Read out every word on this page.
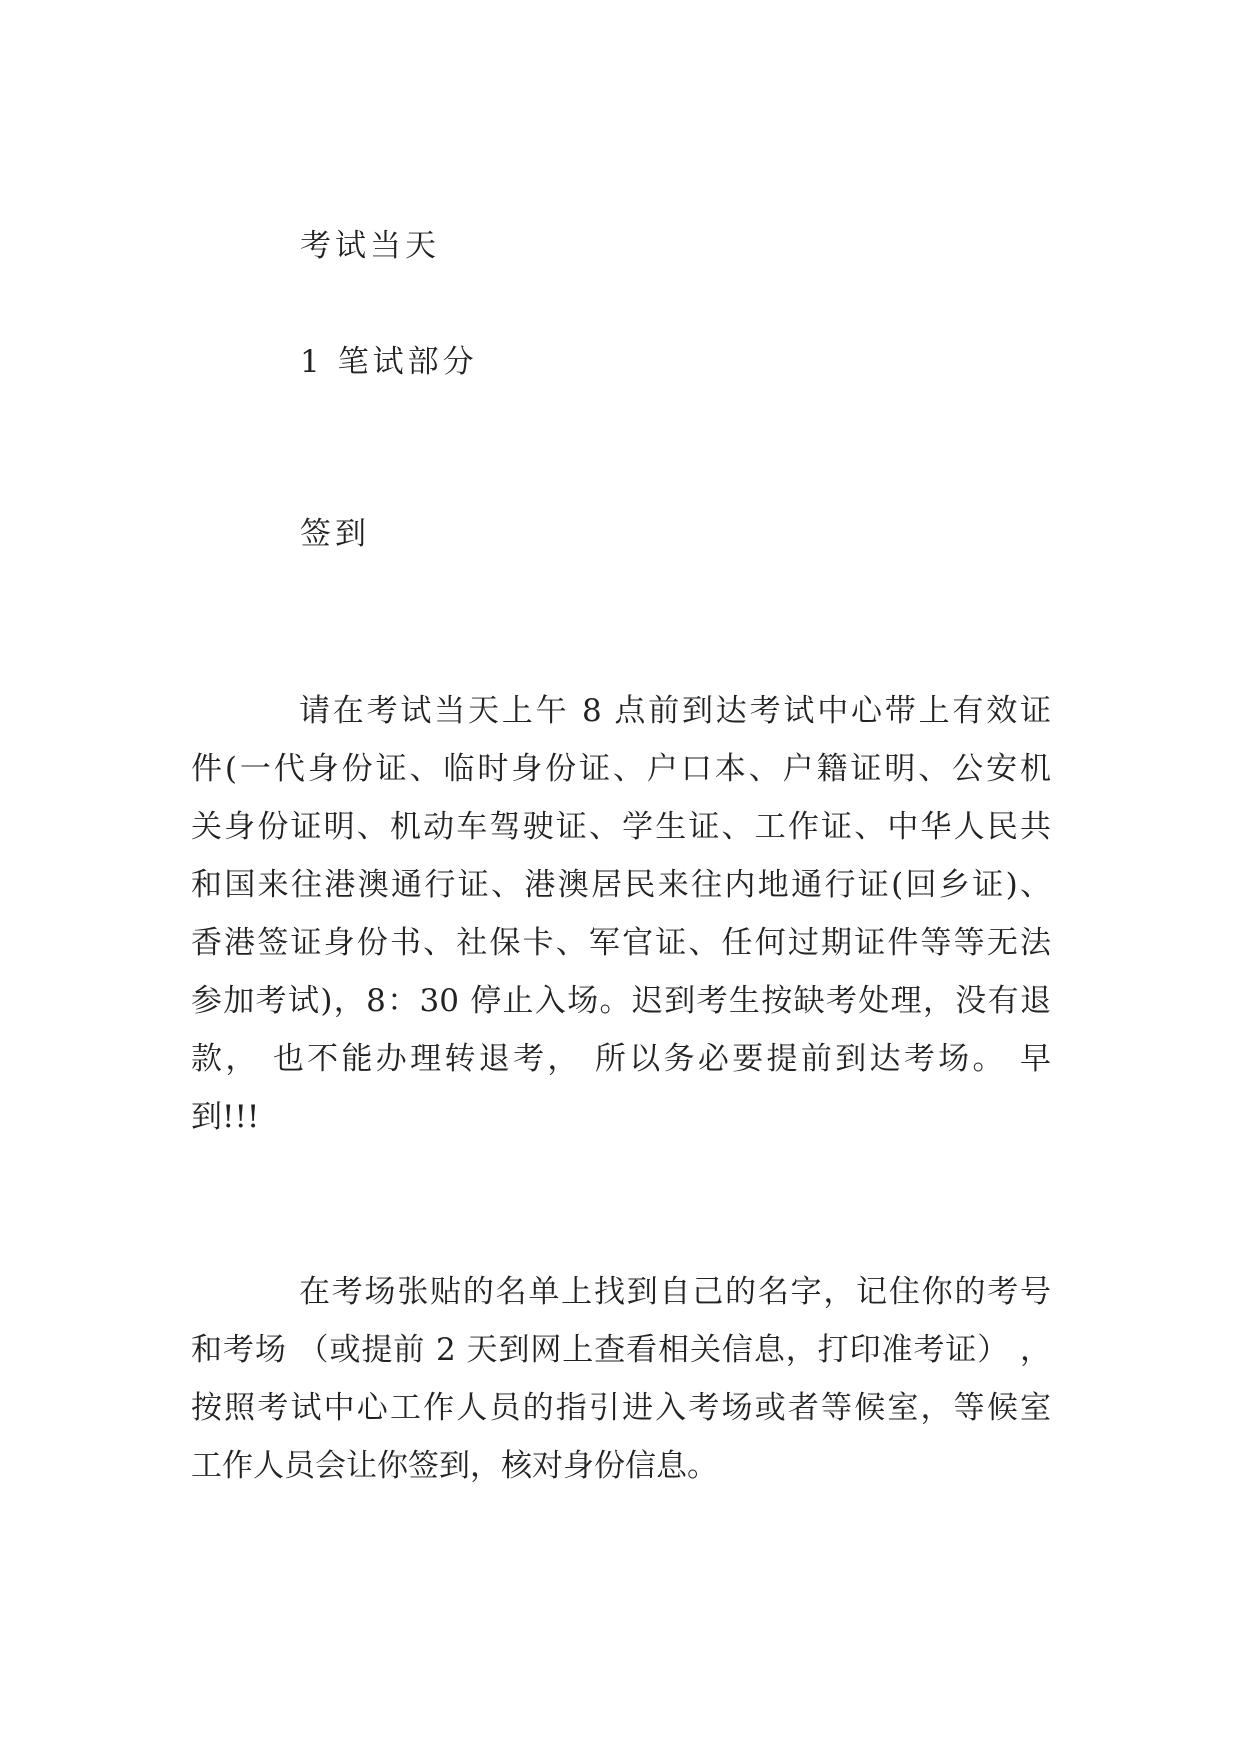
考试当天
1 笔试部分
签到
请在考试当天上午 8 点前到达考试中心带上有效证
件(一代身份证、临时身份证、户口本、户籍证明、公安机
关身份证明、机动车驾驶证、学生证、工作证、中华人民共
和国来往港澳通行证、港澳居民来往内地通行证(回乡证)、
香港签证身份书、社保卡、军官证、任何过期证件等等无法
参加考试)，8：30 停止入场。迟到考生按缺考处理，没有退
款， 也不能办理转退考， 所以务必要提前到达考场。 早
到!!!
在考场张贴的名单上找到自己的名字，记住你的考号
和考场 （或提前 2 天到网上查看相关信息，打印准考证） ，
按照考试中心工作人员的指引进入考场或者等候室，等候室
工作人员会让你签到，核对身份信息。
